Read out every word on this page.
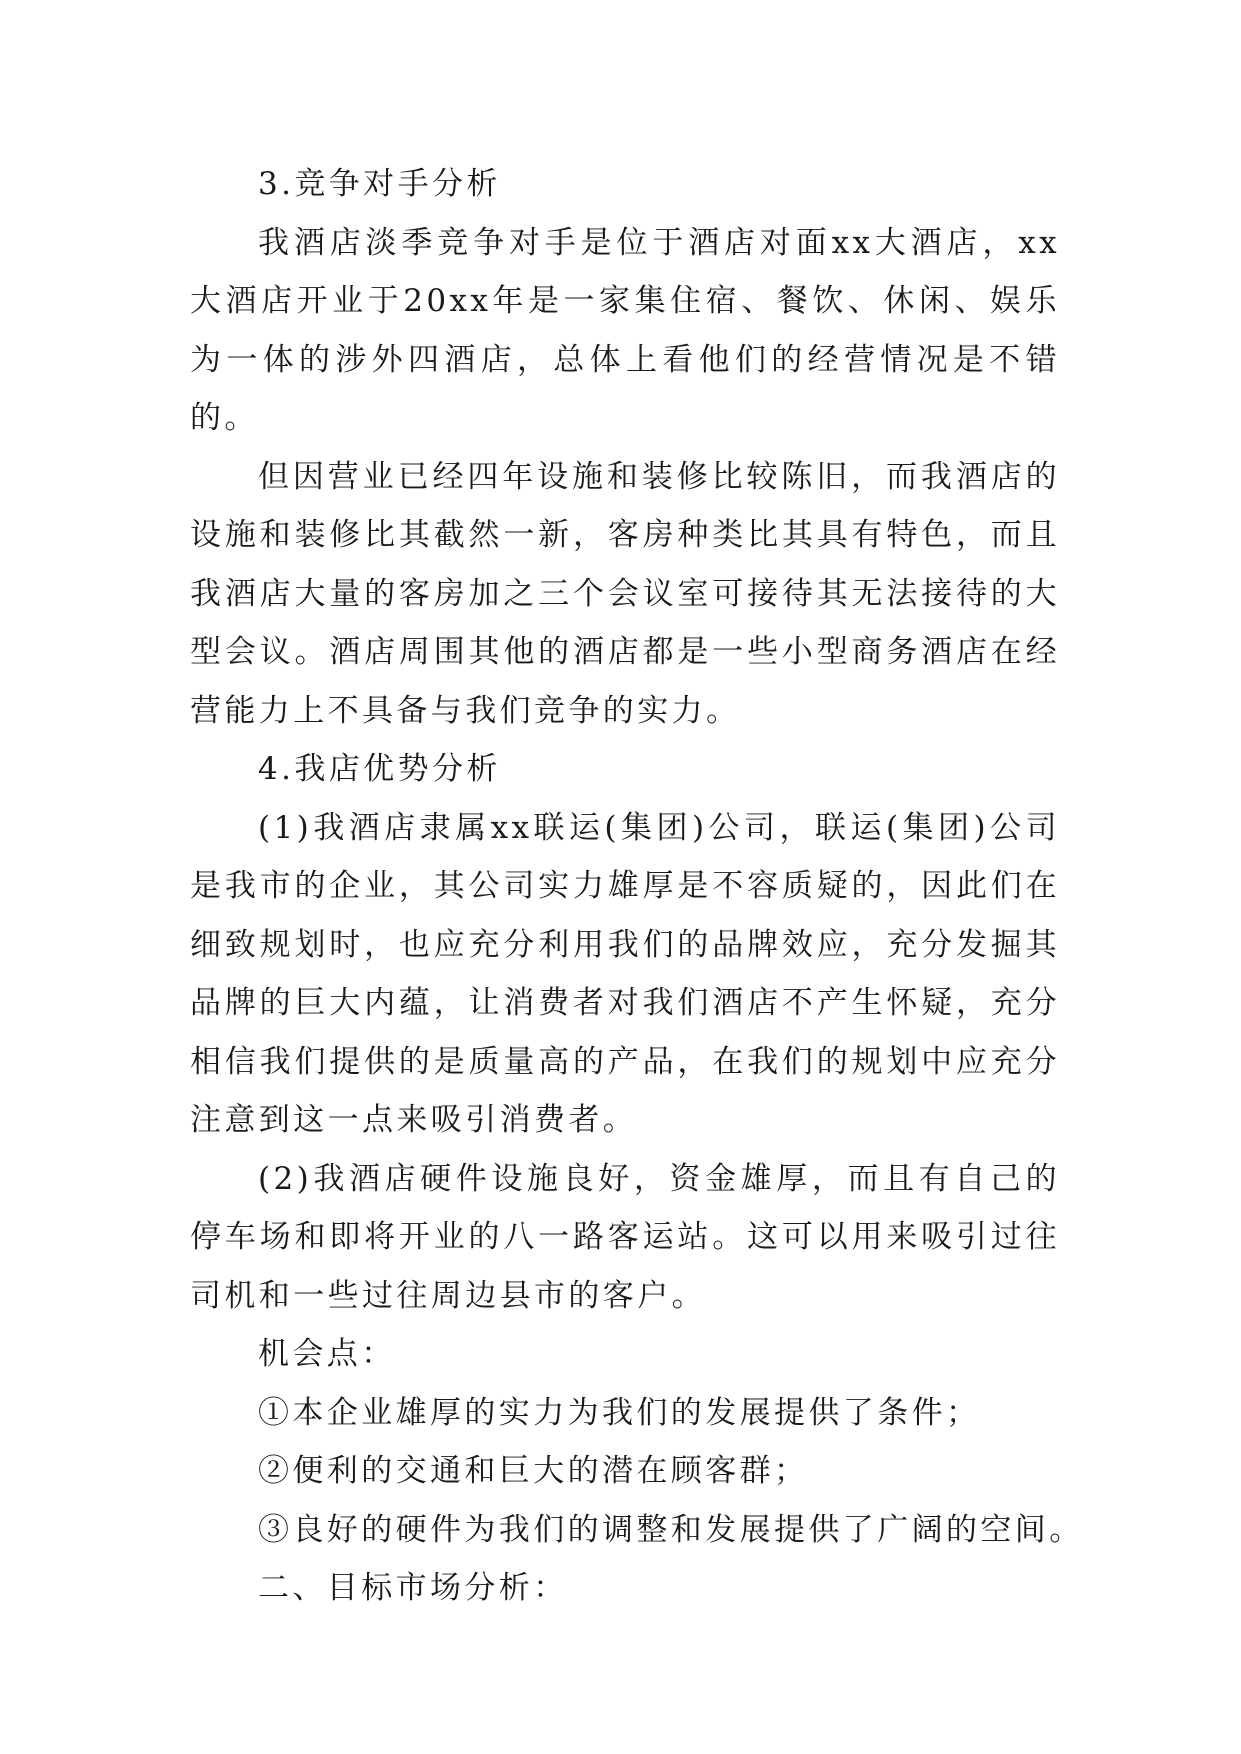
3.竞争对手分析

我酒店淡季竞争对手是位于酒店对面xx大酒店，xx大酒店开业于20xx年是一家集住宿、餐饮、休闲、娱乐为一体的涉外四酒店，总体上看他们的经营情况是不错的。

但因营业已经四年设施和装修比较陈旧，而我酒店的设施和装修比其截然一新，客房种类比其具有特色，而且我酒店大量的客房加之三个会议室可接待其无法接待的大型会议。酒店周围其他的酒店都是一些小型商务酒店在经营能力上不具备与我们竞争的实力。

4.我店优势分析

(1)我酒店隶属xx联运(集团)公司，联运(集团)公司是我市的企业，其公司实力雄厚是不容质疑的，因此们在细致规划时，也应充分利用我们的品牌效应，充分发掘其品牌的巨大内蕴，让消费者对我们酒店不产生怀疑，充分相信我们提供的是质量高的产品，在我们的规划中应充分注意到这一点来吸引消费者。

(2)我酒店硬件设施良好，资金雄厚，而且有自己的停车场和即将开业的八一路客运站。这可以用来吸引过往司机和一些过往周边县市的客户。

机会点：

①本企业雄厚的实力为我们的发展提供了条件；

②便利的交通和巨大的潜在顾客群；

③良好的硬件为我们的调整和发展提供了广阔的空间。

二、目标市场分析：
